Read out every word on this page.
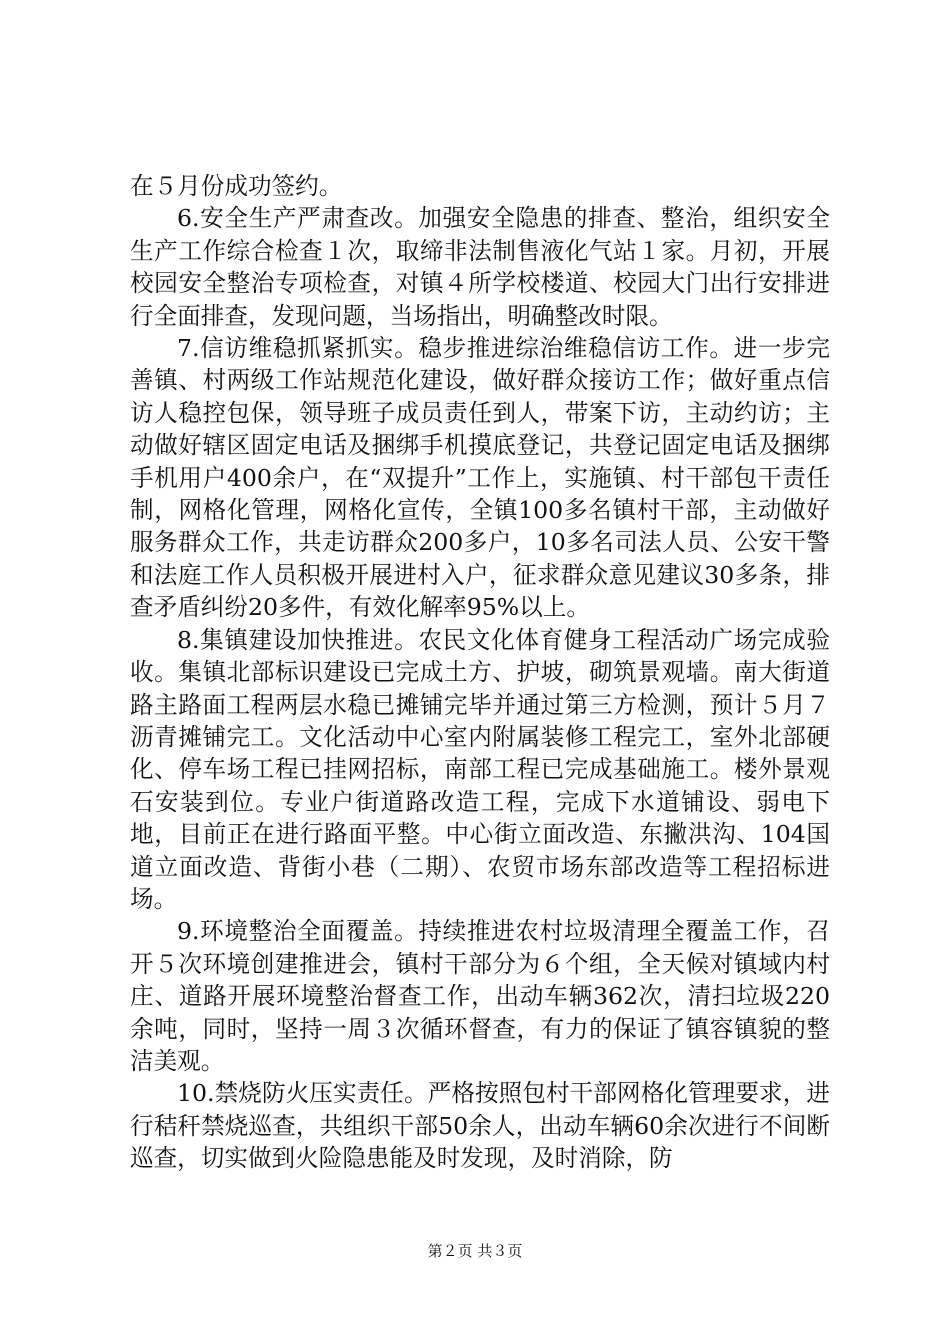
在５月份成功签约。

6.安全生产严肃查改。加强安全隐患的排查、整治，组织安全生产工作综合检查１次，取缔非法制售液化气站１家。月初，开展校园安全整治专项检查，对镇４所学校楼道、校园大门出行安排进行全面排查，发现问题，当场指出，明确整改时限。

7.信访维稳抓紧抓实。稳步推进综治维稳信访工作。进一步完善镇、村两级工作站规范化建设，做好群众接访工作；做好重点信访人稳控包保，领导班子成员责任到人，带案下访，主动约访；主动做好辖区固定电话及捆绑手机摸底登记，共登记固定电话及捆绑手机用户400余户，在“双提升”工作上，实施镇、村干部包干责任制，网格化管理，网格化宣传，全镇100多名镇村干部，主动做好服务群众工作，共走访群众200多户，10多名司法人员、公安干警和法庭工作人员积极开展进村入户，征求群众意见建议30多条，排查矛盾纠纷20多件，有效化解率95%以上。

8.集镇建设加快推进。农民文化体育健身工程活动广场完成验收。集镇北部标识建设已完成土方、护坡，砌筑景观墙。南大街道路主路面工程两层水稳已摊铺完毕并通过第三方检测，预计５月７沥青摊铺完工。文化活动中心室内附属装修工程完工，室外北部硬化、停车场工程已挂网招标，南部工程已完成基础施工。楼外景观石安装到位。专业户街道路改造工程，完成下水道铺设、弱电下地，目前正在进行路面平整。中心街立面改造、东撇洪沟、104国道立面改造、背街小巷（二期）、农贸市场东部改造等工程招标进场。

9.环境整治全面覆盖。持续推进农村垃圾清理全覆盖工作，召开５次环境创建推进会，镇村干部分为６个组，全天候对镇域内村庄、道路开展环境整治督查工作，出动车辆362次，清扫垃圾220余吨，同时，坚持一周３次循环督查，有力的保证了镇容镇貌的整洁美观。

10.禁烧防火压实责任。严格按照包村干部网格化管理要求，进行秸秆禁烧巡查，共组织干部50余人，出动车辆60余次进行不间断巡查，切实做到火险隐患能及时发现，及时消除，防

第２页 共３页
